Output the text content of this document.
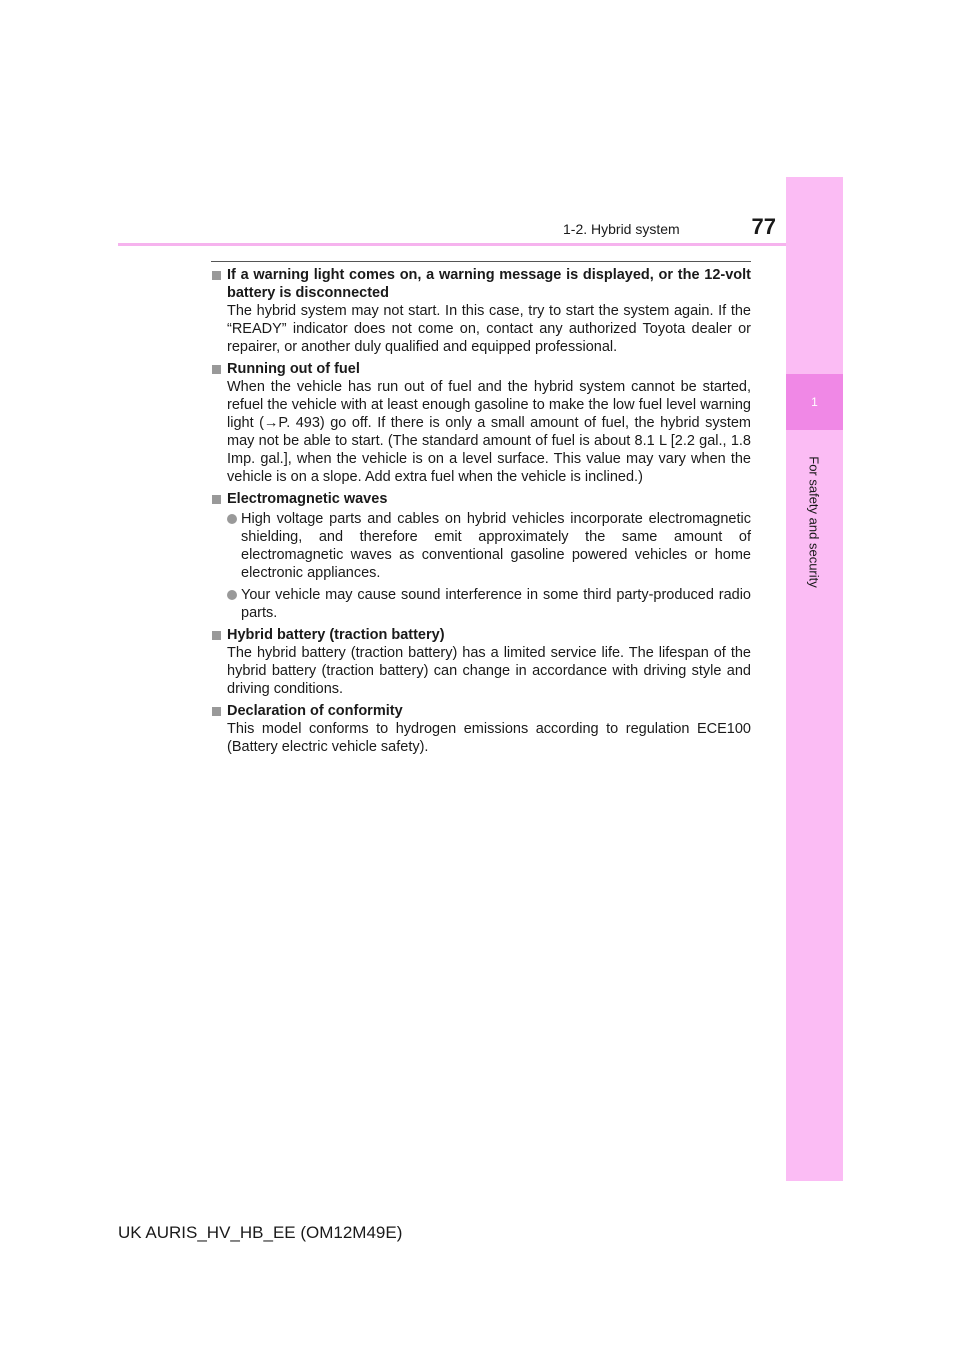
1-2. Hybrid system	77
1
For safety and security
If a warning light comes on, a warning message is displayed, or the 12-volt battery is disconnected
The hybrid system may not start. In this case, try to start the system again. If the “READY” indicator does not come on, contact any authorized Toyota dealer or repairer, or another duly qualified and equipped professional.
Running out of fuel
When the vehicle has run out of fuel and the hybrid system cannot be started, refuel the vehicle with at least enough gasoline to make the low fuel level warning light (→P. 493) go off. If there is only a small amount of fuel, the hybrid system may not be able to start. (The standard amount of fuel is about 8.1 L [2.2 gal., 1.8 Imp. gal.], when the vehicle is on a level surface. This value may vary when the vehicle is on a slope. Add extra fuel when the vehicle is inclined.)
Electromagnetic waves
High voltage parts and cables on hybrid vehicles incorporate electromagnetic shielding, and therefore emit approximately the same amount of electromagnetic waves as conventional gasoline powered vehicles or home electronic appliances.
Your vehicle may cause sound interference in some third party-produced radio parts.
Hybrid battery (traction battery)
The hybrid battery (traction battery) has a limited service life. The lifespan of the hybrid battery (traction battery) can change in accordance with driving style and driving conditions.
Declaration of conformity
This model conforms to hydrogen emissions according to regulation ECE100 (Battery electric vehicle safety).
UK AURIS_HV_HB_EE (OM12M49E)
